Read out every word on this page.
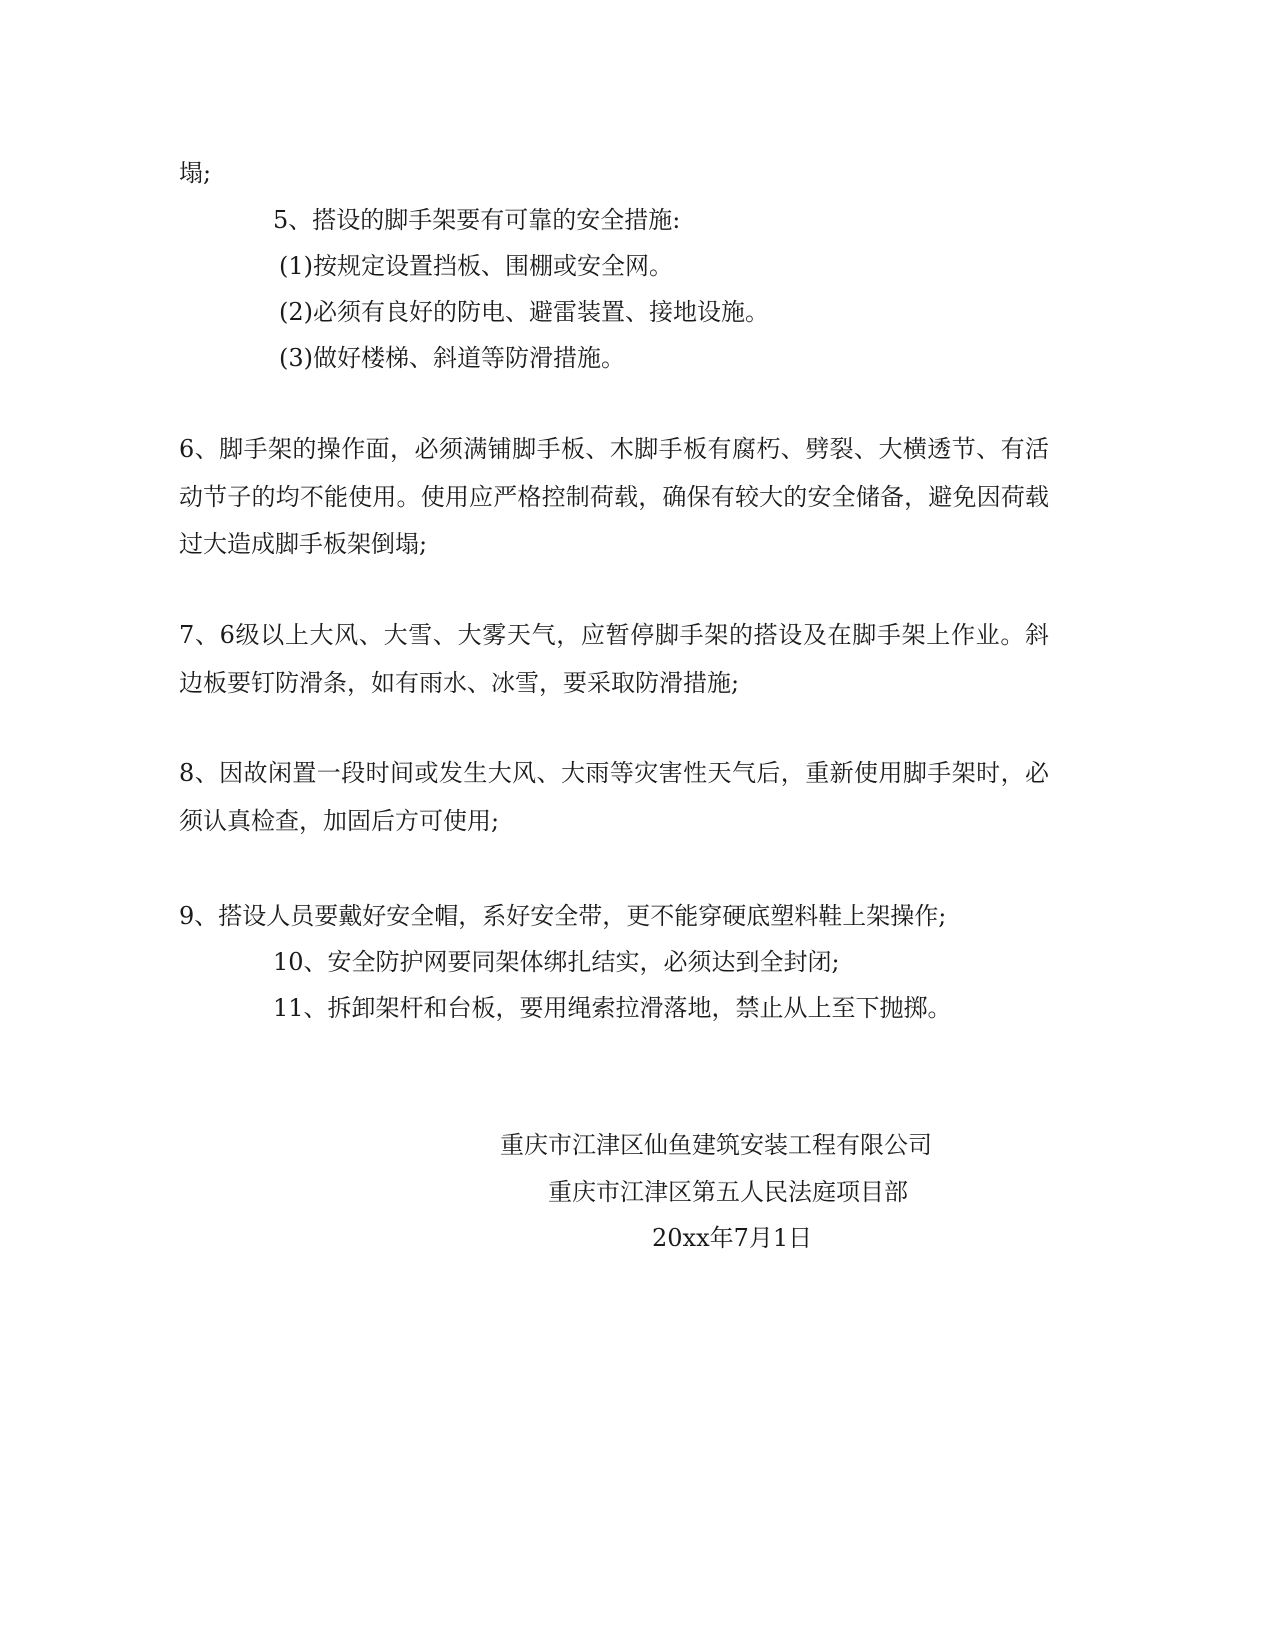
塌;
5、搭设的脚手架要有可靠的安全措施:
(1)按规定设置挡板、围棚或安全网。
(2)必须有良好的防电、避雷装置、接地设施。
(3)做好楼梯、斜道等防滑措施。
6、脚手架的操作面，必须满铺脚手板、木脚手板有腐朽、劈裂、大横透节、有活动节子的均不能使用。使用应严格控制荷载，确保有较大的安全储备，避免因荷载过大造成脚手板架倒塌;
7、6级以上大风、大雪、大雾天气，应暂停脚手架的搭设及在脚手架上作业。斜边板要钉防滑条，如有雨水、冰雪，要采取防滑措施;
8、因故闲置一段时间或发生大风、大雨等灾害性天气后，重新使用脚手架时，必须认真检查，加固后方可使用;
9、搭设人员要戴好安全帽，系好安全带，更不能穿硬底塑料鞋上架操作;
10、安全防护网要同架体绑扎结实，必须达到全封闭;
11、拆卸架杆和台板，要用绳索拉滑落地，禁止从上至下抛掷。
重庆市江津区仙鱼建筑安装工程有限公司
重庆市江津区第五人民法庭项目部
20xx年7月1日
